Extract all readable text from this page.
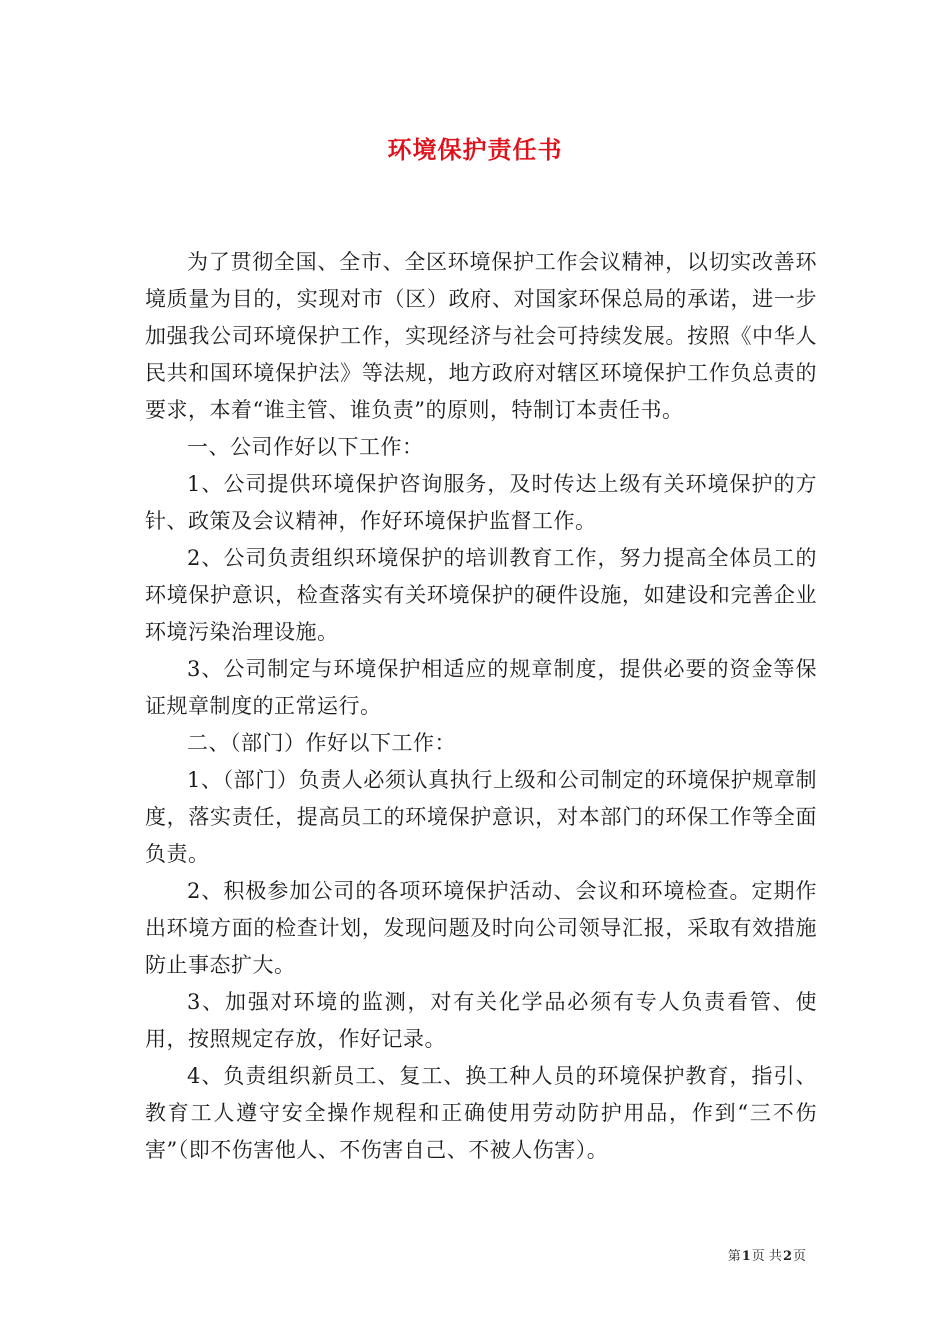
环境保护责任书

为了贯彻全国、全市、全区环境保护工作会议精神，以切实改善环境质量为目的，实现对市（区）政府、对国家环保总局的承诺，进一步加强我公司环境保护工作，实现经济与社会可持续发展。按照《中华人民共和国环境保护法》等法规，地方政府对辖区环境保护工作负总责的要求，本着“谁主管、谁负责”的原则，特制订本责任书。

一、公司作好以下工作：

1、公司提供环境保护咨询服务，及时传达上级有关环境保护的方针、政策及会议精神，作好环境保护监督工作。

2、公司负责组织环境保护的培训教育工作，努力提高全体员工的环境保护意识，检查落实有关环境保护的硬件设施，如建设和完善企业环境污染治理设施。

3、公司制定与环境保护相适应的规章制度，提供必要的资金等保证规章制度的正常运行。

二、（部门）作好以下工作：

1、（部门）负责人必须认真执行上级和公司制定的环境保护规章制度，落实责任，提高员工的环境保护意识，对本部门的环保工作等全面负责。

2、积极参加公司的各项环境保护活动、会议和环境检查。定期作出环境方面的检查计划，发现问题及时向公司领导汇报，采取有效措施防止事态扩大。

3、加强对环境的监测，对有关化学品必须有专人负责看管、使用，按照规定存放，作好记录。

4、负责组织新员工、复工、换工种人员的环境保护教育，指引、教育工人遵守安全操作规程和正确使用劳动防护用品，作到“三不伤害”（即不伤害他人、不伤害自己、不被人伤害）。

第1页 共2页
